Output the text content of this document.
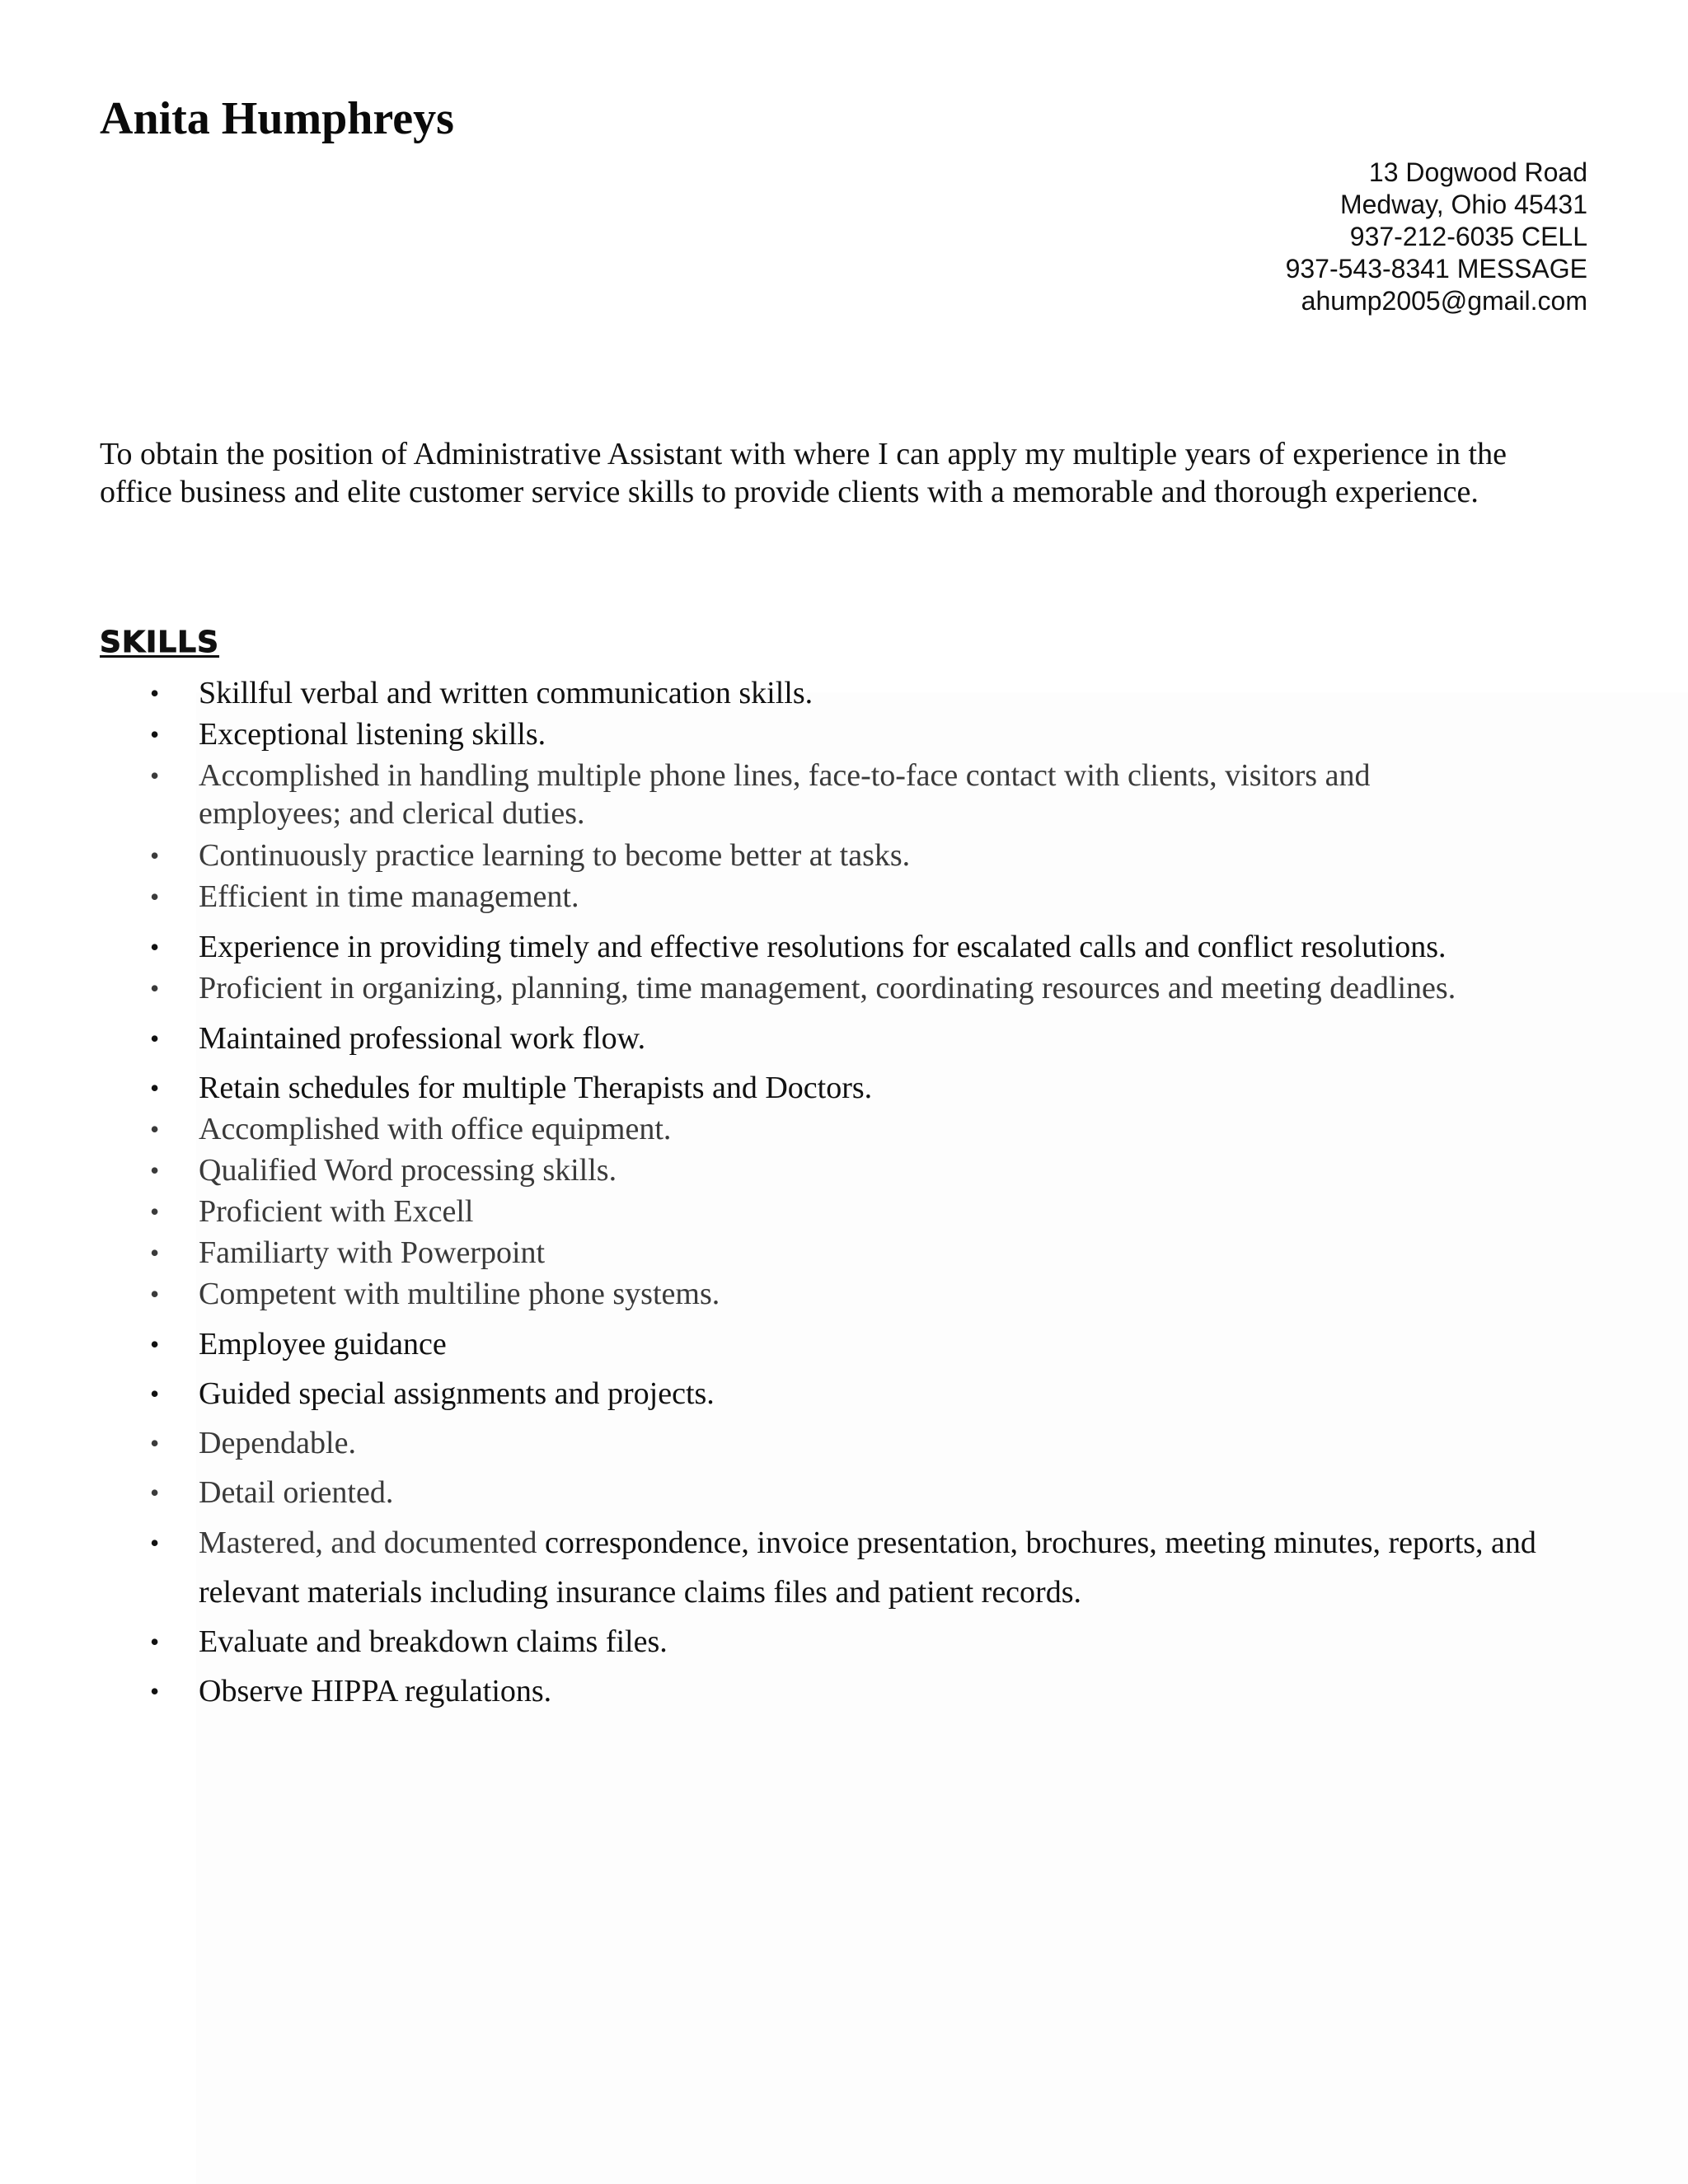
Anita Humphreys
13 Dogwood Road
Medway, Ohio 45431
937-212-6035 CELL
937-543-8341 MESSAGE
ahump2005@gmail.com

To obtain the position of Administrative Assistant with where I can apply my multiple years of experience in the office business and elite customer service skills to provide clients with a memorable and thorough experience.

SKILLS
• Skillful verbal and written communication skills.
• Exceptional listening skills.
• Accomplished in handling multiple phone lines, face-to-face contact with clients, visitors and employees; and clerical duties.
• Continuously practice learning to become better at tasks.
• Efficient in time management.
• Experience in providing timely and effective resolutions for escalated calls and conflict resolutions.
• Proficient in organizing, planning, time management, coordinating resources and meeting deadlines.
• Maintained professional work flow.
• Retain schedules for multiple Therapists and Doctors.
• Accomplished with office equipment.
• Qualified Word processing skills.
• Proficient with Excell
• Familiarty with Powerpoint
• Competent with multiline phone systems.
• Employee guidance
• Guided special assignments and projects.
• Dependable.
• Detail oriented.
• Mastered, and documented correspondence, invoice presentation, brochures, meeting minutes, reports, and relevant materials including insurance claims files and patient records.
• Evaluate and breakdown claims files.
• Observe HIPPA regulations.
